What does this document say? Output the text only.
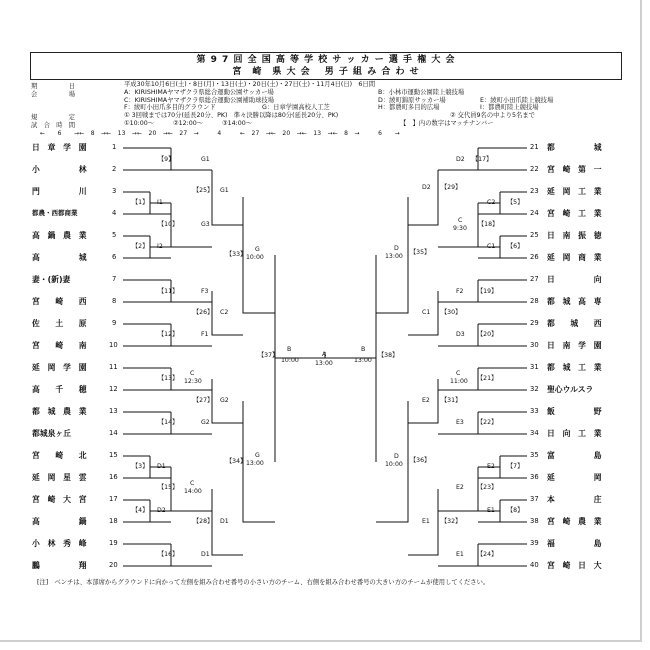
第 9 7 回 全 国 高 等 学 校 サ ッ カ ー 選 手 権 大 会
宮　崎　県 大 会　 男 子 組 み 合 わ せ
期　　　　　日	平成30年10月6日(土)・8日(月)・13日(土)・20日(土)・27日(土)・11月4日(日)　6日間
会　　　　　場	A：KIRISHIMAヤマザクラ県総合運動公園サッカー場	B：小林市運動公園陸上競技場
C：KIRISHIMAヤマザクラ県総合運動公園補助球技場	D：綾町錦原サッカー場	E：綾町小田爪陸上競技場
F：綾町小田爪多目的グラウンド	G：日章学園高校人工芝	H：都農町多目的広場	I：都農町陸上競技場
規　　　　　定	① 3回戦までは70分(延長20分、PK)　準々決勝以降は80分(延長20分、PK)	② 交代員9名の中より5名まで
試　合　時　間	①10:00～　　　②12:00～　　　③14:00～	【　】内の数字はマッチナンバー
←　　6　　→←　8　→←　13　→←　20　→←　27　→　　　4　　　←　27　→←　20　→←　13　→←　8　→　　　6　　→
日　章　学　園	1
小　　　　　林	2
門　　　　　川	3
都農・西都商業	4
高　鍋　農　業	5
高　　　　　城	6
妻・(新)妻	7
宮　　崎　　西	8
佐　　土　　原	9
宮　　崎　　南	10
延　岡　学　園	11
高　　千　　穂	12
都　城　農　業	13
都城泉ヶ丘	14
宮　　崎　　北	15
延　岡　星　雲	16
宮　崎　大　宮	17
高　　　　　鍋	18
小　林　秀　峰	19
鵬　　　　　翔	20
21 都　　　　　城
22 宮　崎　第　一
23 延　岡　工　業
24 宮　崎　工　業
25 日　南　振　徳
26 延　岡　商　業
27 日　　　　　向
28 都　城　高　専
29 都　　城　　西
30 日　南　学　園
31 都　城　工　業
32 聖心ウルスラ
33 飯　　　　　野
34 日　向　工　業
35 富　　　　　島
36 延　　　　　岡
37 本　　　　　庄
38 宮　崎　農　業
39 福　　　　　島
40 宮　崎　日　大
【9】	G1
【25】 G1
【1】 I1
【10】	G3
【2】 I2
【33】
G
10:00
【11】	F3
【26】 C2
【12】	F1
【37】
B
10:00
【13】
C
12:30
【27】 G2
【14】	G2
【34】
G
13:00
【3】 D1
【15】
C
14:00
【4】 D2
【28】 D1
【16】	D1
A
13:00
D2 【17】
D2 【29】
C2 【5】
C
9:30
【18】
C1 【6】
D
13:00
【35】
F2 【19】
C1 【30】
D3 【20】
B
13:00
【38】
C
11:00 【21】
E2 【31】
E3 【22】
D
10:00
【36】
E2 【7】
E2 【23】
E1 【8】
E1 【32】
E1 【24】
[注]　ベンチは、本部席からグラウンドに向かって左側を組み合わせ番号の小さい方のチーム、右側を組み合わせ番号の大きい方のチームが使用してください。
